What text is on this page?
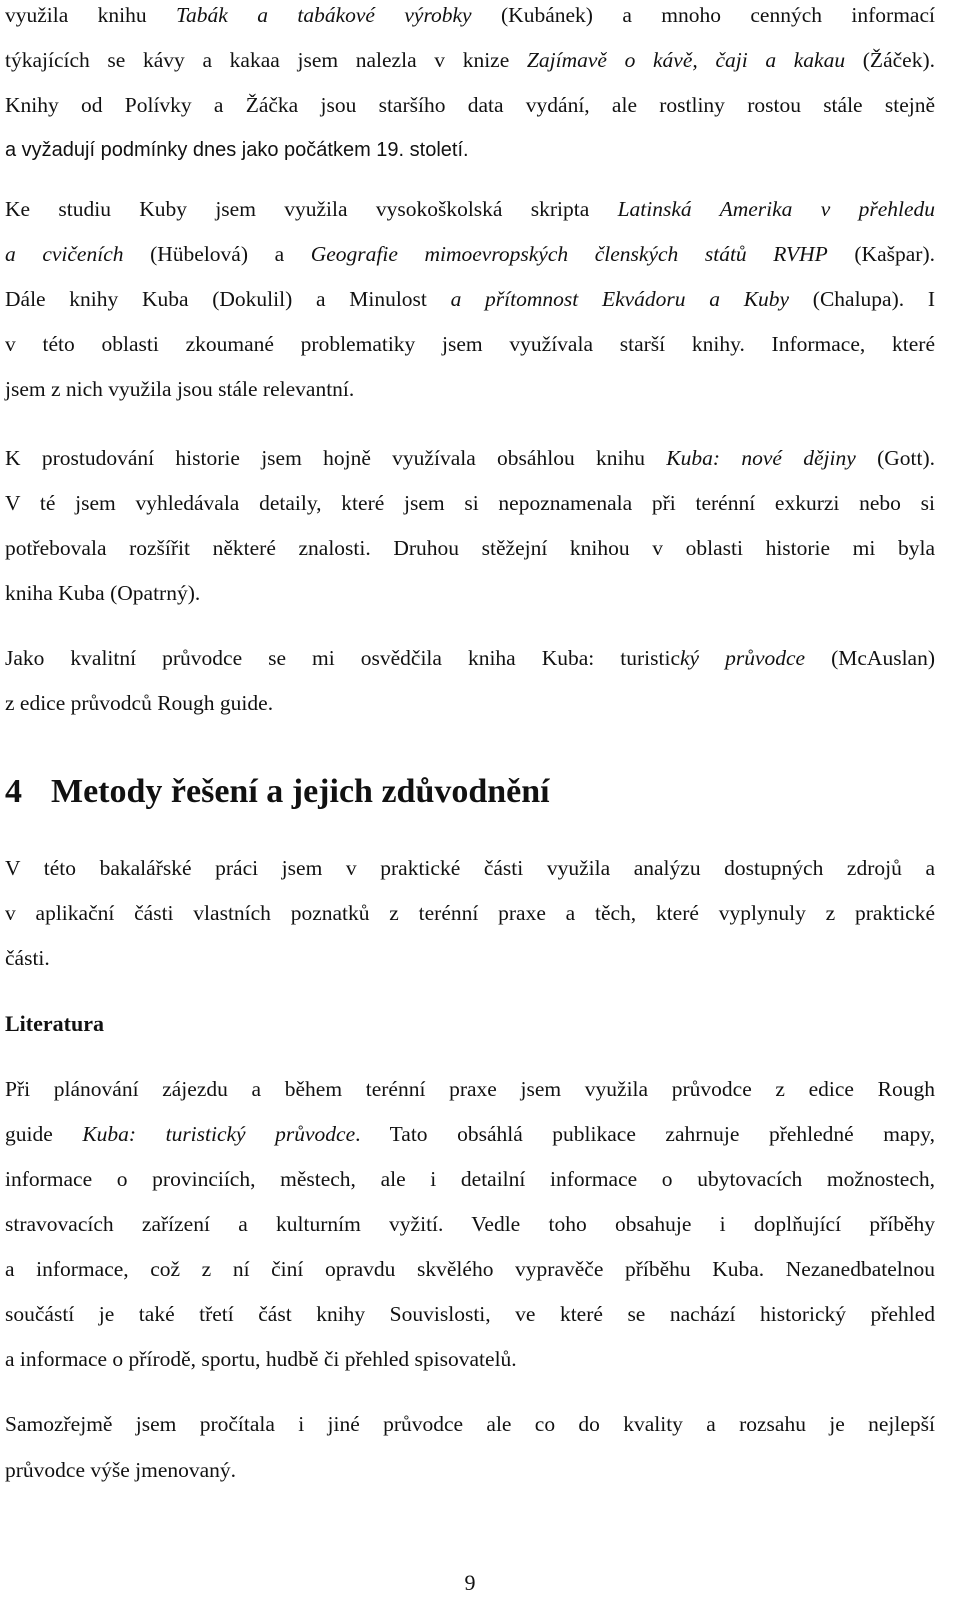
využila knihu Tabák a tabákové výrobky (Kubánek) a mnoho cenných informací
týkajících se kávy a kakaa jsem nalezla v knize Zajímavě o kávě, čaji a kakau (Žáček).
Knihy od Polívky a Žáčka jsou staršího data vydání, ale rostliny rostou stále stejně
a vyžadují podmínky dnes jako počátkem 19. století.
Ke studiu Kuby jsem využila vysokoškolská skripta Latinská Amerika v přehledu
a cvičeních (Hübelová) a Geografie mimoevropských členských států RVHP (Kašpar).
Dále knihy Kuba (Dokulil) a Minulost a přítomnost Ekvádoru a Kuby (Chalupa). I
v této oblasti zkoumané problematiky jsem využívala starší knihy. Informace, které
jsem z nich využila jsou stále relevantní.
K prostudování historie jsem hojně využívala obsáhlou knihu Kuba: nové dějiny (Gott).
V té jsem vyhledávala detaily, které jsem si nepoznamenala při terénní exkurzi nebo si
potřebovala rozšířit některé znalosti. Druhou stěžejní knihou v oblasti historie mi byla
kniha Kuba (Opatrný).
Jako kvalitní průvodce se mi osvědčila kniha Kuba: turistický průvodce (McAuslan)
z edice průvodců Rough guide.
V této bakalářské práci jsem v praktické části využila analýzu dostupných zdrojů a
v aplikační části vlastních poznatků z terénní praxe a těch, které vyplynuly z praktické
části.
Při plánování zájezdu a během terénní praxe jsem využila průvodce z edice Rough
guide Kuba: turistický průvodce. Tato obsáhlá publikace zahrnuje přehledné mapy,
informace o provinciích, městech, ale i detailní informace o ubytovacích možnostech,
stravovacích zařízení a kulturním vyžití. Vedle toho obsahuje i doplňující příběhy
a informace, což z ní činí opravdu skvělého vypravěče příběhu Kuba. Nezanedbatelnou
součástí je také třetí část knihy Souvislosti, ve které se nachází historický přehled
a informace o přírodě, sportu, hudbě či přehled spisovatelů.
Samozřejmě jsem pročítala i jiné průvodce ale co do kvality a rozsahu je nejlepší
průvodce výše jmenovaný.
4 Metody řešení a jejich zdůvodnění
Literatura
9
